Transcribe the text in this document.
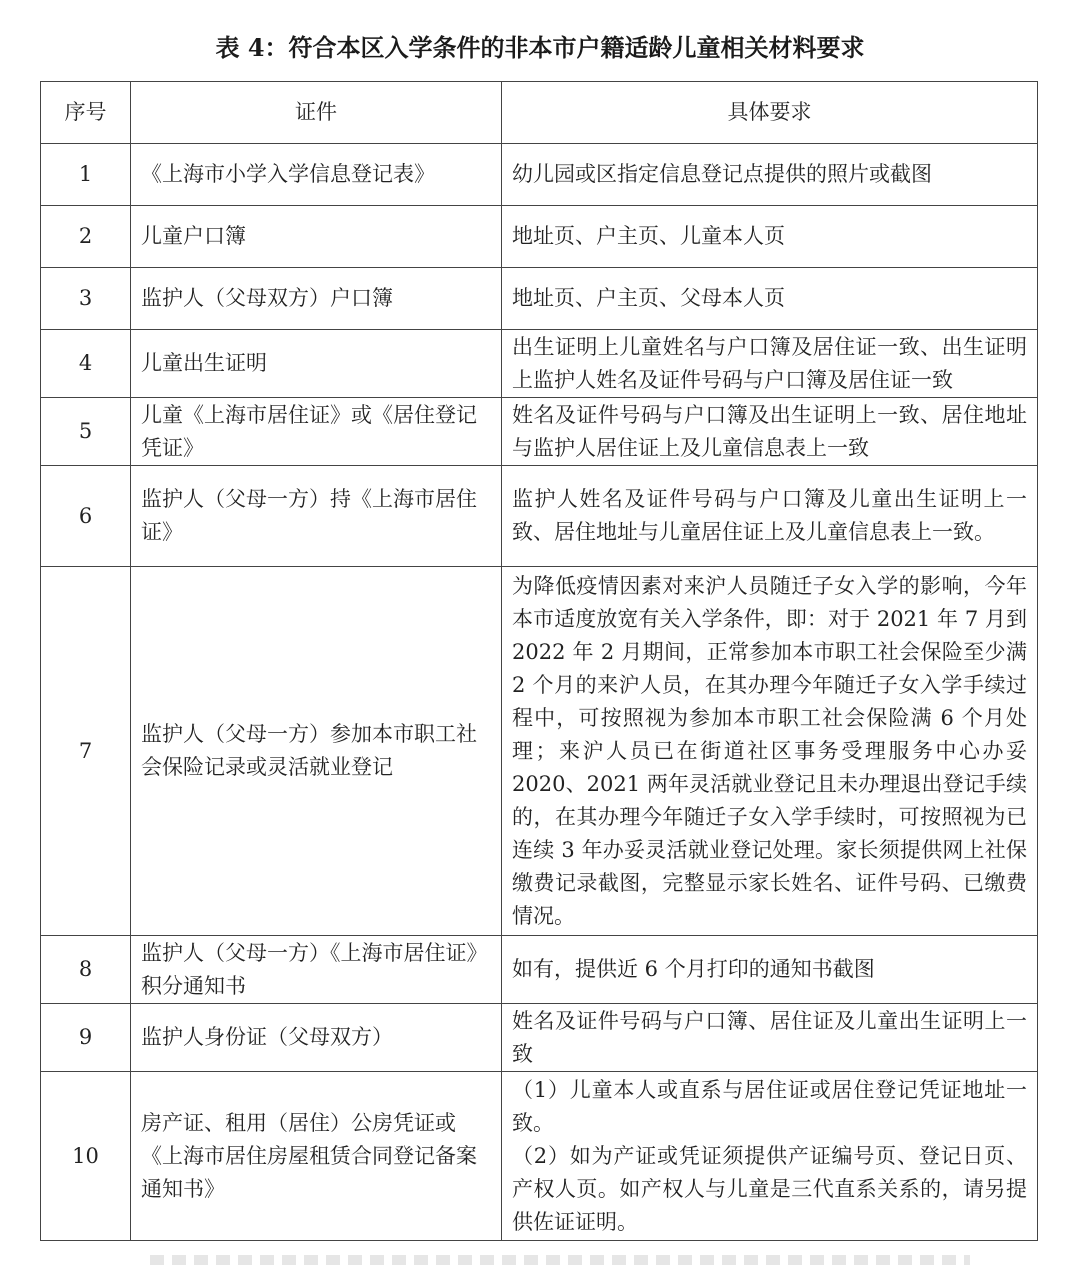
表 4：符合本区入学条件的非本市户籍适龄儿童相关材料要求
序号	证件	具体要求
1	《上海市小学入学信息登记表》	幼儿园或区指定信息登记点提供的照片或截图
2	儿童户口簿	地址页、户主页、儿童本人页
3	监护人（父母双方）户口簿	地址页、户主页、父母本人页
4	儿童出生证明	出生证明上儿童姓名与户口簿及居住证一致、出生证明上监护人姓名及证件号码与户口簿及居住证一致
5	儿童《上海市居住证》或《居住登记凭证》	姓名及证件号码与户口簿及出生证明上一致、居住地址与监护人居住证上及儿童信息表上一致
6	监护人（父母一方）持《上海市居住证》	监护人姓名及证件号码与户口簿及儿童出生证明上一致、居住地址与儿童居住证上及儿童信息表上一致。
7	监护人（父母一方）参加本市职工社会保险记录或灵活就业登记	为降低疫情因素对来沪人员随迁子女入学的影响，今年本市适度放宽有关入学条件，即：对于 2021 年 7 月到 2022 年 2 月期间，正常参加本市职工社会保险至少满 2 个月的来沪人员，在其办理今年随迁子女入学手续过程中，可按照视为参加本市职工社会保险满 6 个月处理；来沪人员已在街道社区事务受理服务中心办妥 2020、2021 两年灵活就业登记且未办理退出登记手续的，在其办理今年随迁子女入学手续时，可按照视为已连续 3 年办妥灵活就业登记处理。家长须提供网上社保缴费记录截图，完整显示家长姓名、证件号码、已缴费情况。
8	监护人（父母一方）《上海市居住证》积分通知书	如有，提供近 6 个月打印的通知书截图
9	监护人身份证（父母双方）	姓名及证件号码与户口簿、居住证及儿童出生证明上一致
10	房产证、租用（居住）公房凭证或《上海市居住房屋租赁合同登记备案通知书》	（1）儿童本人或直系与居住证或居住登记凭证地址一致。
（2）如为产证或凭证须提供产证编号页、登记日页、产权人页。如产权人与儿童是三代直系关系的，请另提供佐证证明。
